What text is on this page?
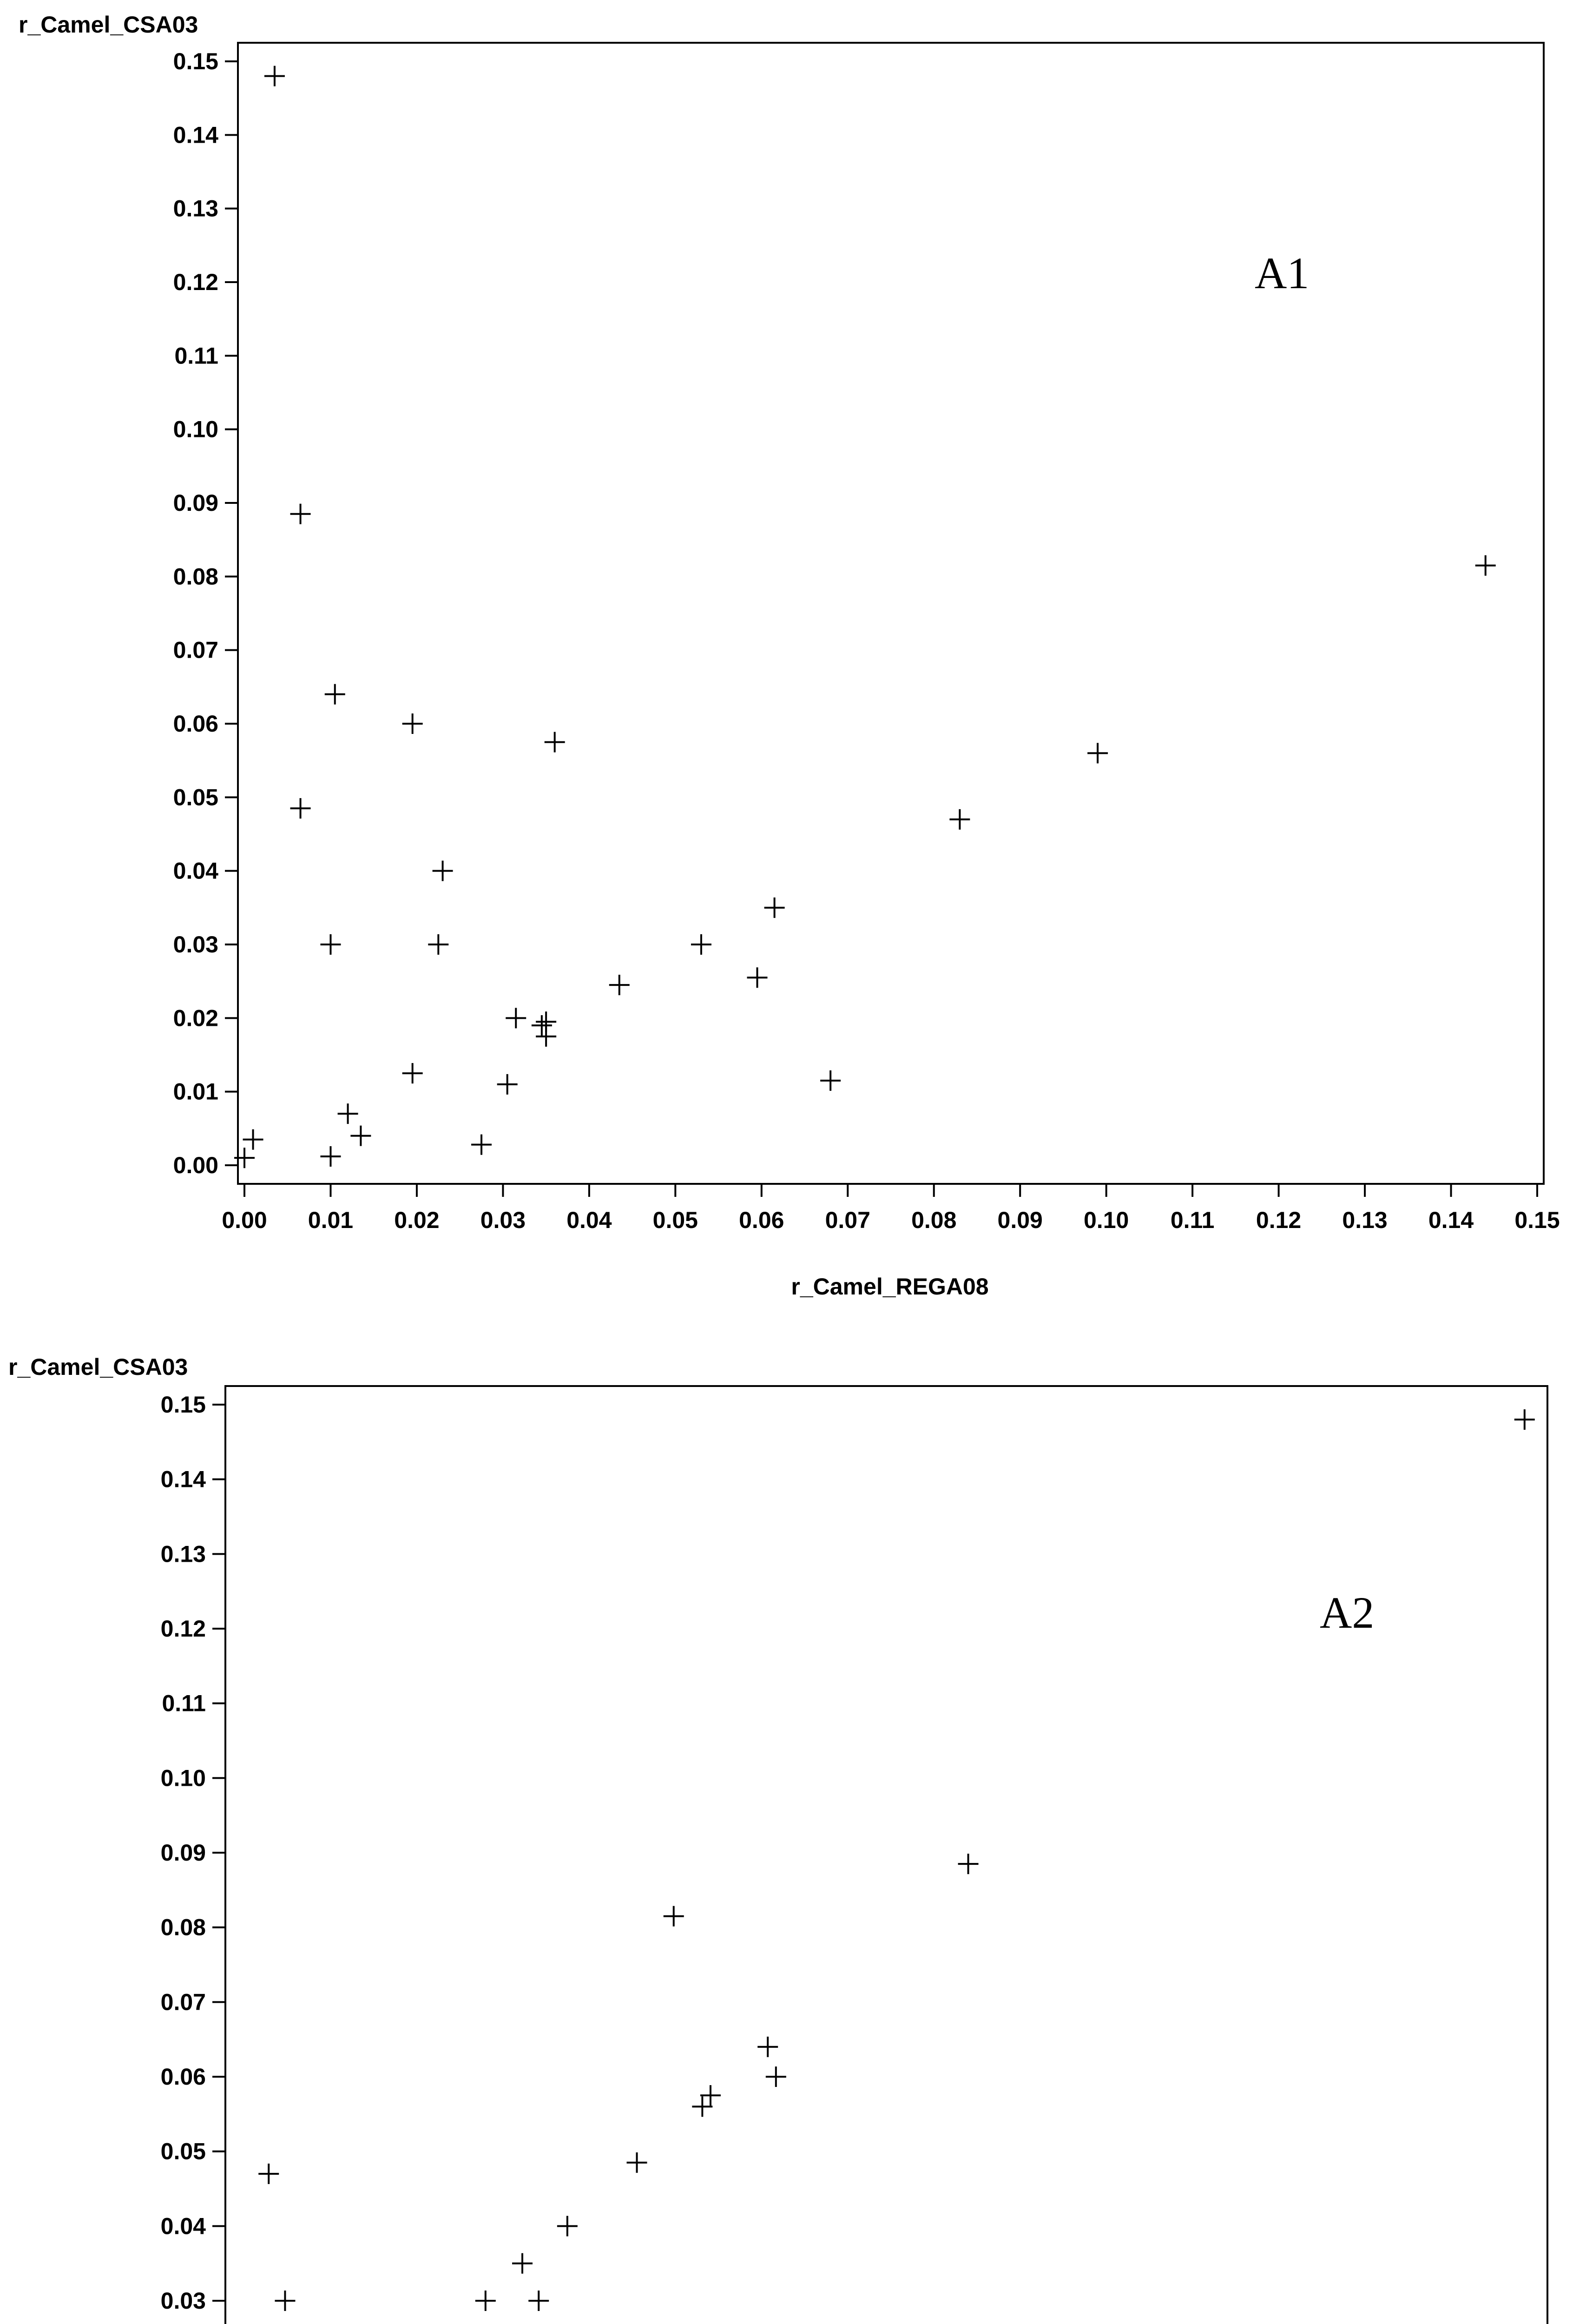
0.00 0.01 0.02 0.03 0.04 0.05 0.06 0.07 0.08 0.09 0.10 0.11 0.12 0.13 0.14 0.15
0.00
0.01
0.02
0.03
0.04
0.05
0.06
0.07
0.08
0.09
0.10
0.11
0.12
0.13
0.14
0.15
r_Camel_CSA03
r_Camel_REGA08
A1
0.03
0.04
0.05
0.06
0.07
0.08
0.09
0.10
0.11
0.12
0.13
0.14
0.15
r_Camel_CSA03
A2
